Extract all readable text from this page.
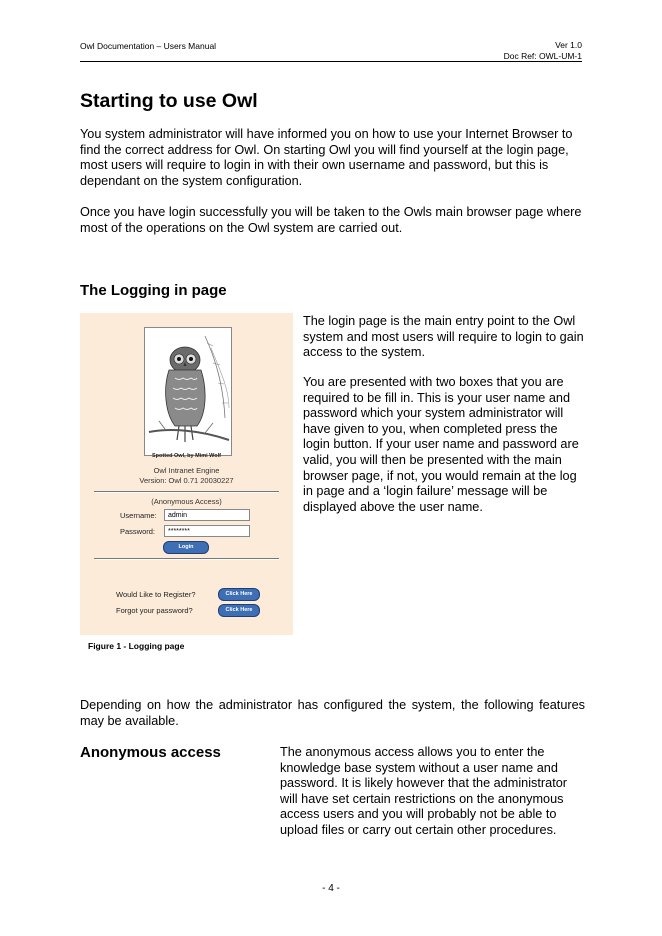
Owl Documentation – Users Manual	Ver 1.0
Doc Ref: OWL-UM-1
Starting to use Owl

You system administrator will have informed you on how to use your Internet Browser to find the correct address for Owl. On starting Owl you will find yourself at the login page, most users will require to login in with their own username and password, but this is dependant on the system configuration.

Once you have login successfully you will be taken to the Owls main browser page where most of the operations on the Owl system are carried out.

The Logging in page
Spotted Owl, by Mimi Wolf
Owl Intranet Engine
Version: Owl 0.71 20030227
(Anonymous Access)
Username:	admin
Password:	********
Login
Would Like to Register?	Click Here
Forgot your password?	Click Here
Figure 1 - Logging page

The login page is the main entry point to the Owl system and most users will require to login to gain access to the system.

You are presented with two boxes that you are required to be fill in. This is your user name and password which your system administrator will have given to you, when completed press the login button. If your user name and password are valid, you will then be presented with the main browser page, if not, you would remain at the log in page and a ‘login failure’ message will be displayed above the user name.

Depending on how the administrator has configured the system, the following features may be available.

Anonymous access	The anonymous access allows you to enter the knowledge base system without a user name and password. It is likely however that the administrator will have set certain restrictions on the anonymous access users and you will probably not be able to upload files or carry out certain other procedures.

- 4 -
